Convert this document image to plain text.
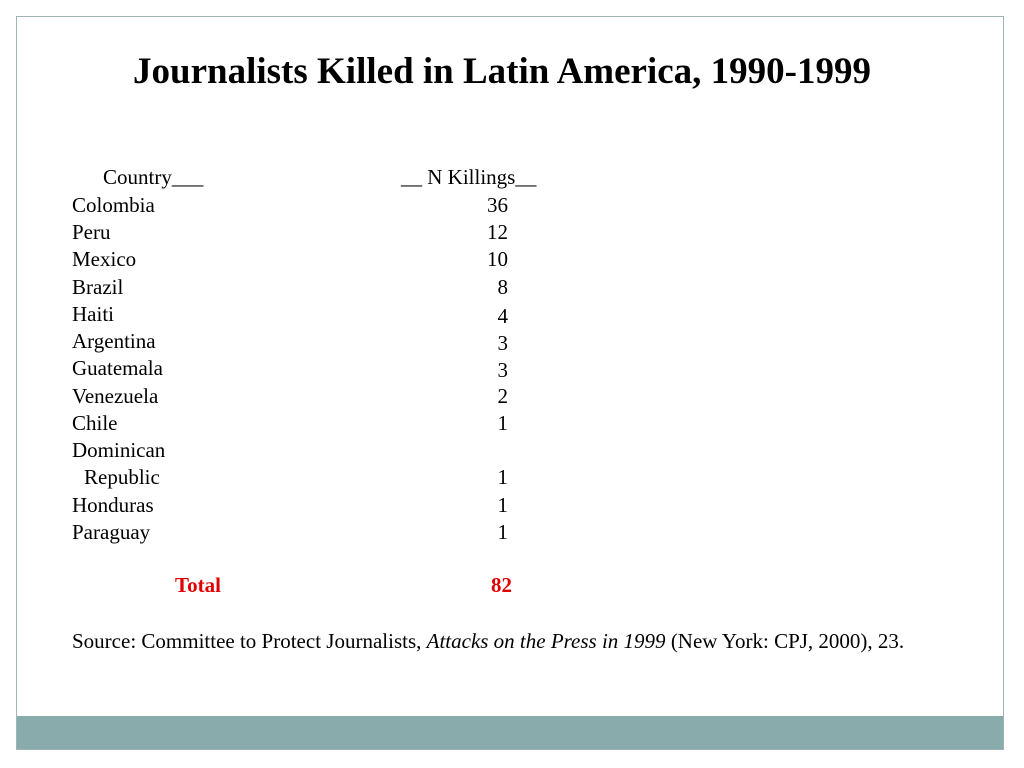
Journalists Killed in Latin America, 1990-1999
Country___	__ N Killings__
Colombia	36
Peru	12
Mexico	10
Brazil	8
Haiti	4
Argentina	3
Guatemala	3
Venezuela	2
Chile	1
Dominican
Republic	1
Honduras	1
Paraguay	1
Total	82
Source: Committee to Protect Journalists, Attacks on the Press in 1999 (New York: CPJ, 2000), 23.
